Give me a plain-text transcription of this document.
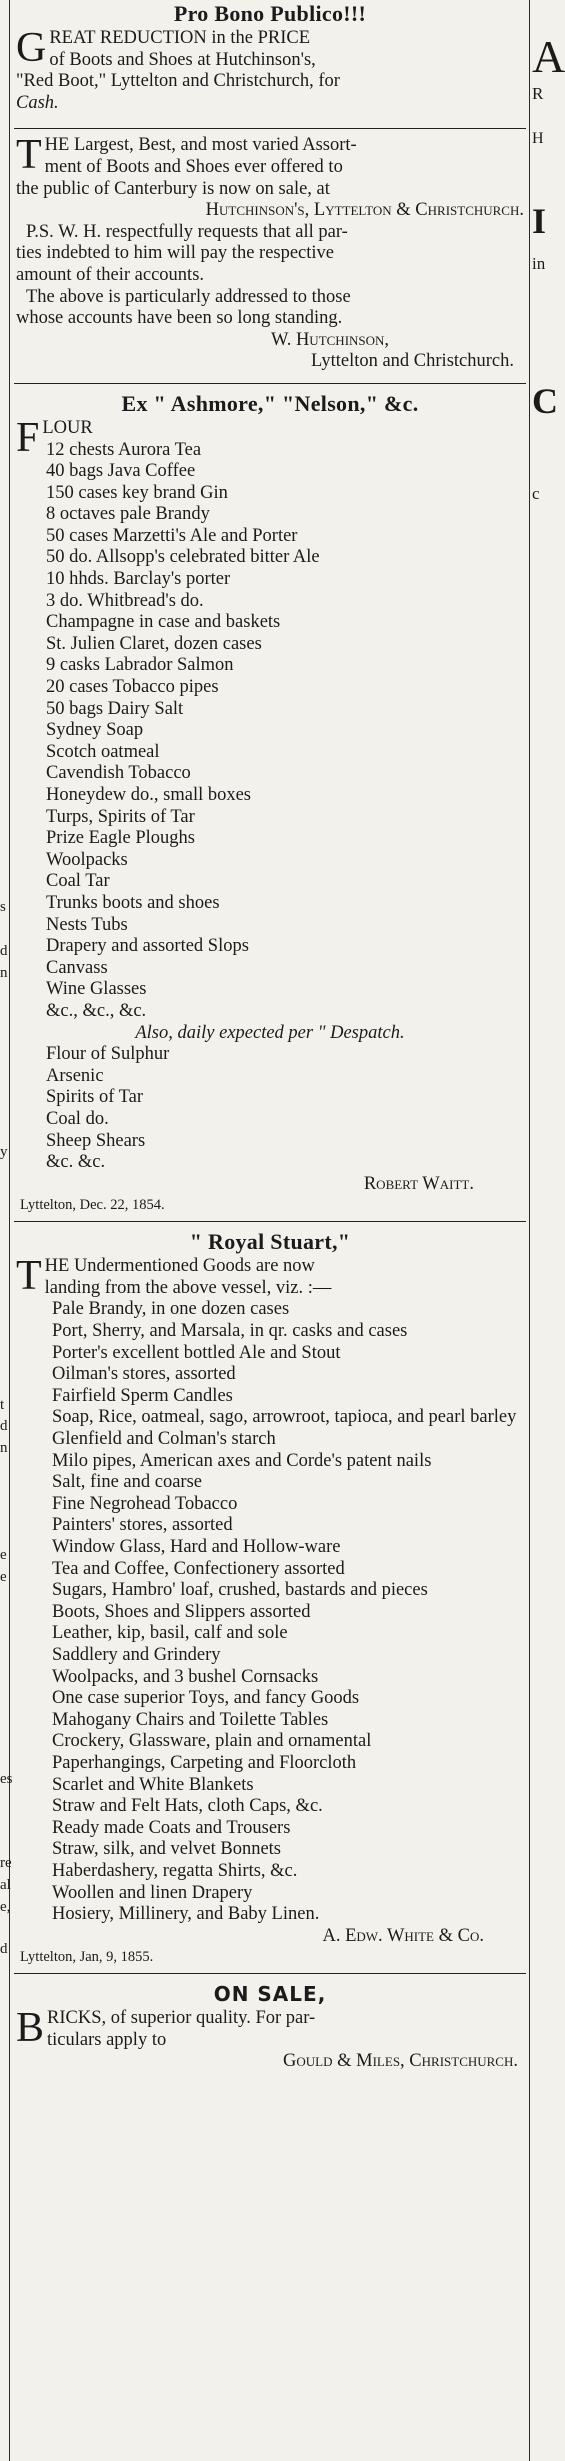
s
d
n
y
t
d
n
e
e
es
re
al
e,
d
Pro Bono Publico!!!
G REAT REDUCTION in the PRICE
of Boots and Shoes at Hutchinson's,
"Red Boot," Lyttelton and Christchurch, for
Cash.
T HE Largest, Best, and most varied Assort-
ment of Boots and Shoes ever offered to
the public of Canterbury is now on sale, at
Hutchinson's, Lyttelton & Christchurch.
P.S. W. H. respectfully requests that all par-
ties indebted to him will pay the respective
amount of their accounts.
The above is particularly addressed to those
whose accounts have been so long standing.
W. Hutchinson,
Lyttelton and Christchurch.
Ex " Ashmore," "Nelson," &c.
F LOUR
12 chests Aurora Tea
40 bags Java Coffee
150 cases key brand Gin
8 octaves pale Brandy
50 cases Marzetti's Ale and Porter
50 do. Allsopp's celebrated bitter Ale
10 hhds. Barclay's porter
3 do. Whitbread's do.
Champagne in case and baskets
St. Julien Claret, dozen cases
9 casks Labrador Salmon
20 cases Tobacco pipes
50 bags Dairy Salt
Sydney Soap
Scotch oatmeal
Cavendish Tobacco
Honeydew do., small boxes
Turps, Spirits of Tar
Prize Eagle Ploughs
Woolpacks
Coal Tar
Trunks boots and shoes
Nests Tubs
Drapery and assorted Slops
Canvass
Wine Glasses
&c., &c., &c.
Also, daily expected per " Despatch.
Flour of Sulphur
Arsenic
Spirits of Tar
Coal do.
Sheep Shears
&c. &c.
Robert Waitt.
Lyttelton, Dec. 22, 1854.
" Royal Stuart,"
T HE Undermentioned Goods are now
landing from the above vessel, viz. :—
Pale Brandy, in one dozen cases
Port, Sherry, and Marsala, in qr. casks and cases
Porter's excellent bottled Ale and Stout
Oilman's stores, assorted
Fairfield Sperm Candles
Soap, Rice, oatmeal, sago, arrowroot, tapioca, and pearl barley
Glenfield and Colman's starch
Milo pipes, American axes and Corde's patent nails
Salt, fine and coarse
Fine Negrohead Tobacco
Painters' stores, assorted
Window Glass, Hard and Hollow-ware
Tea and Coffee, Confectionery assorted
Sugars, Hambro' loaf, crushed, bastards and pieces
Boots, Shoes and Slippers assorted
Leather, kip, basil, calf and sole
Saddlery and Grindery
Woolpacks, and 3 bushel Cornsacks
One case superior Toys, and fancy Goods
Mahogany Chairs and Toilette Tables
Crockery, Glassware, plain and ornamental
Paperhangings, Carpeting and Floorcloth
Scarlet and White Blankets
Straw and Felt Hats, cloth Caps, &c.
Ready made Coats and Trousers
Straw, silk, and velvet Bonnets
Haberdashery, regatta Shirts, &c.
Woollen and linen Drapery
Hosiery, Millinery, and Baby Linen.
A. Edw. White & Co.
Lyttelton, Jan, 9, 1855.
ON SALE,
B RICKS, of superior quality. For par-
ticulars apply to
Gould & Miles, Christchurch.
A
R
H
I
in
C
c
